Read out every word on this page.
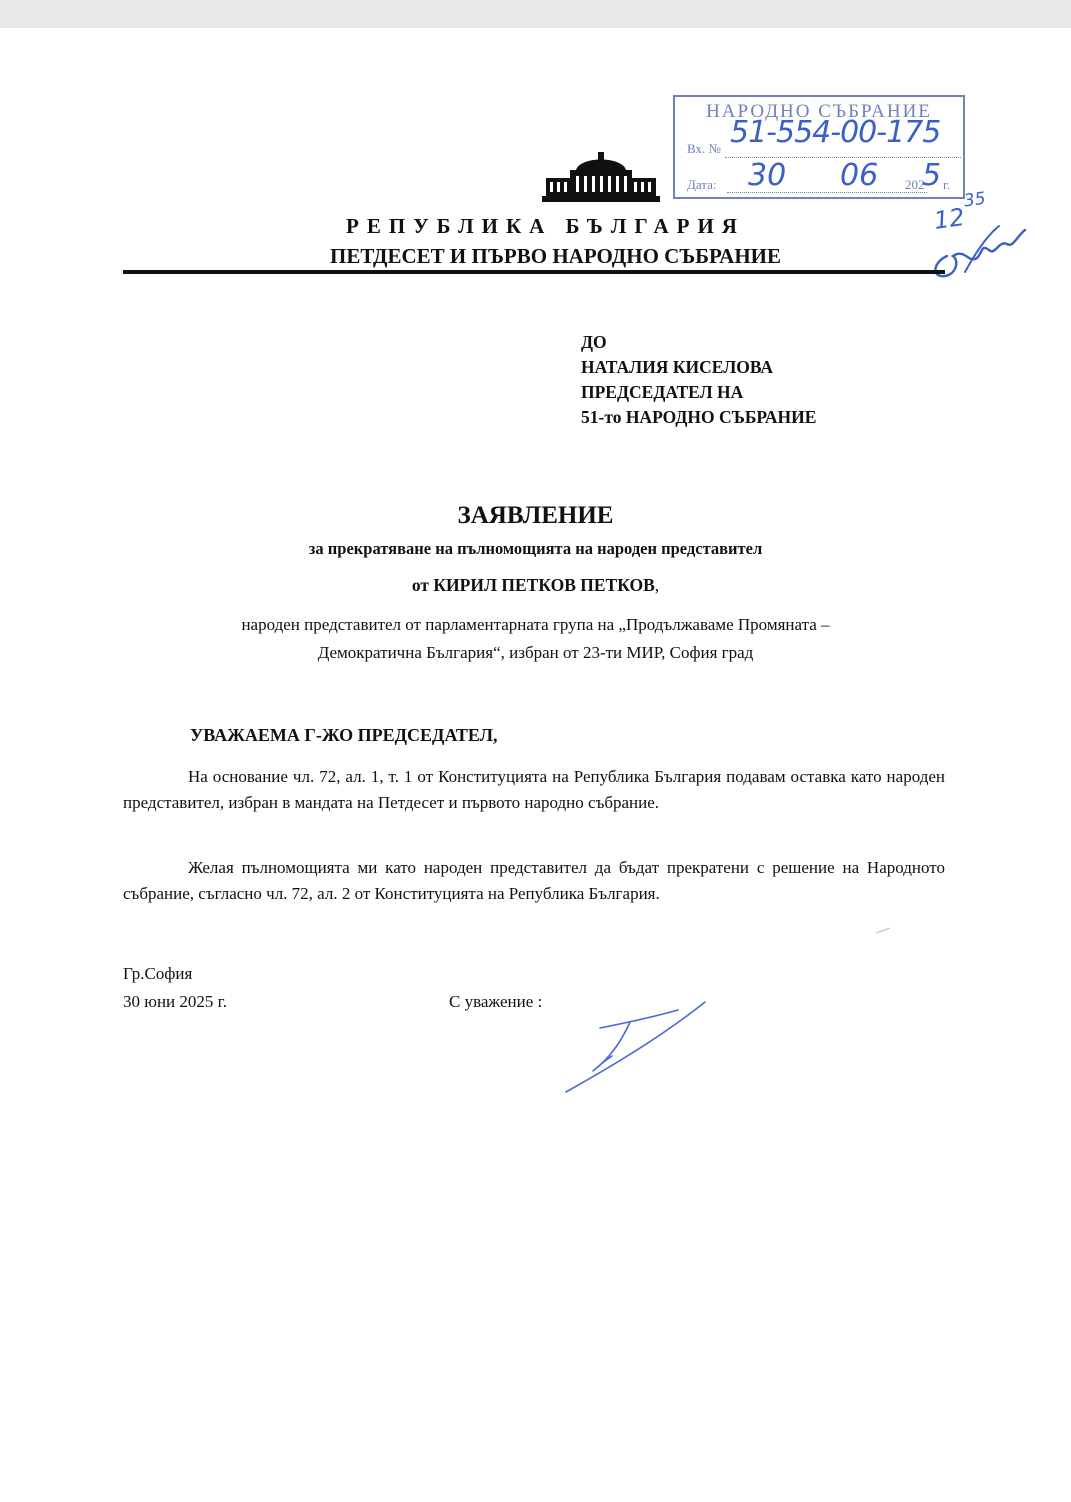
НАРОДНО СЪБРАНИЕ
Вх. №
Дата:	202 г.
51-554-00-175
30 06 5
12
35
РЕПУБЛИКА БЪЛГАРИЯ
ПЕТДЕСЕТ И ПЪРВО НАРОДНО СЪБРАНИЕ
ДО
НАТАЛИЯ КИСЕЛОВА
ПРЕДСЕДАТЕЛ НА
51-то НАРОДНО СЪБРАНИЕ
ЗАЯВЛЕНИЕ
за прекратяване на пълномощията на народен представител
от КИРИЛ ПЕТКОВ ПЕТКОВ,
народен представител от парламентарната група на „Продължаваме Промяната –
Демократична България“, избран от 23-ти МИР, София град
УВАЖАЕМА Г-ЖО ПРЕДСЕДАТЕЛ,
На основание чл. 72, ал. 1, т. 1 от Конституцията на Република България подавам оставка като народен представител, избран в мандата на Петдесет и първото народно събрание.
Желая пълномощията ми като народен представител да бъдат прекратени с решение на Народното събрание, съгласно чл. 72, ал. 2 от Конституцията на Република България.
Гр.София
30 юни 2025 г.	С уважение :
